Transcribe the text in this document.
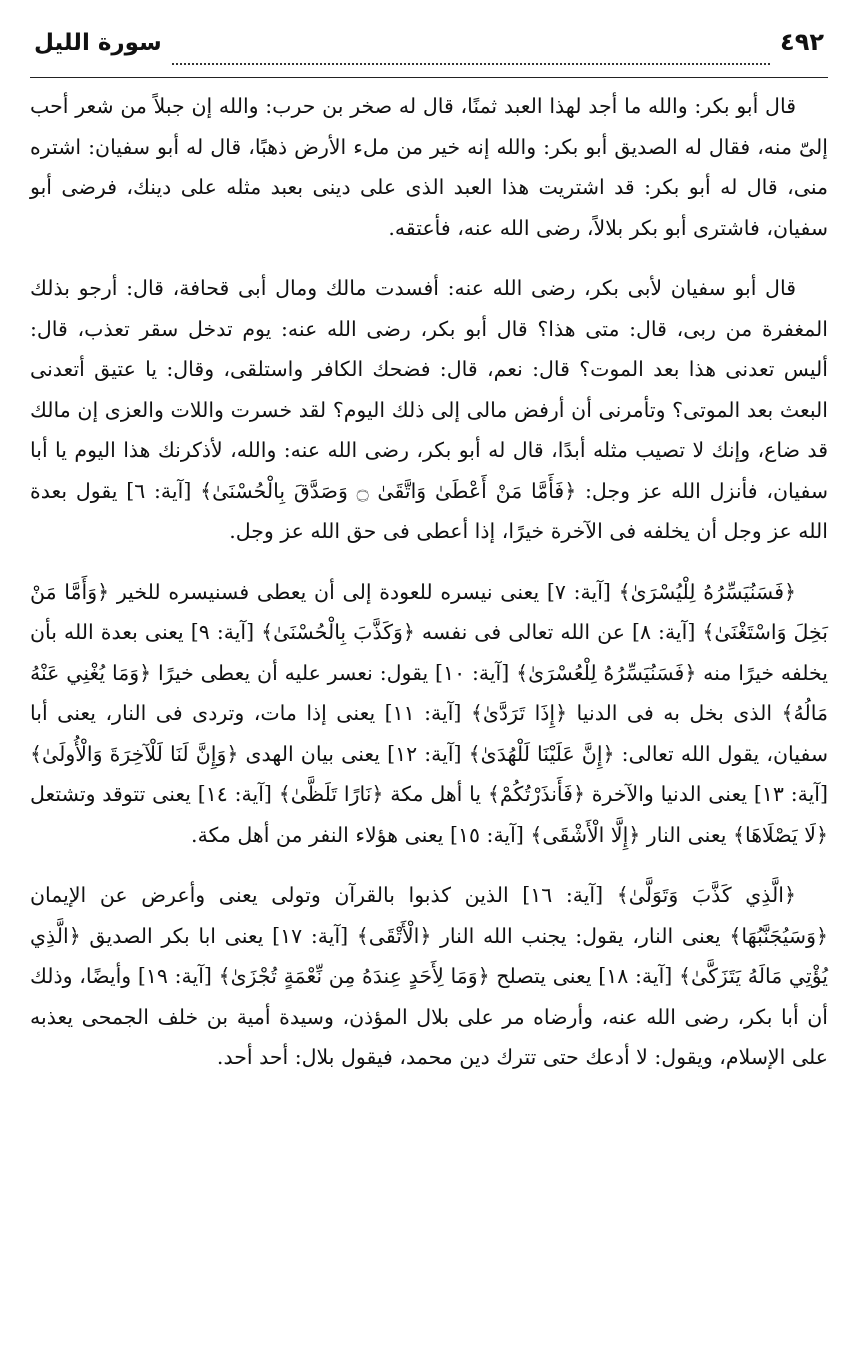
٤٩٢
سورة الليل

قال أبو بكر: والله ما أجد لهذا العبد ثمنًا، قال له صخر بن حرب: والله إن جبلاً من شعر أحب إلىّ منه، فقال له الصديق أبو بكر: والله إنه خير من ملء الأرض ذهبًا، قال له أبو سفيان: اشتره منى، قال له أبو بكر: قد اشتريت هذا العبد الذى على دينى بعبد مثله على دينك، فرضى أبو سفيان، فاشترى أبو بكر بلالاً، رضى الله عنه، فأعتقه.

قال أبو سفيان لأبى بكر، رضى الله عنه: أفسدت مالك ومال أبى قحافة، قال: أرجو بذلك المغفرة من ربى، قال: متى هذا؟ قال أبو بكر، رضى الله عنه: يوم تدخل سقر تعذب، قال: أليس تعدنى هذا بعد الموت؟ قال: نعم، قال: فضحك الكافر واستلقى، وقال: يا عتيق أتعدنى البعث بعد الموتى؟ وتأمرنى أن أرفض مالى إلى ذلك اليوم؟ لقد خسرت واللات والعزى إن مالك قد ضاع، وإنك لا تصيب مثله أبدًا، قال له أبو بكر، رضى الله عنه: والله، لأذكرنك هذا اليوم يا أبا سفيان، فأنزل الله عز وجل: ﴿فَأَمَّا مَنْ أَعْطَىٰ وَاتَّقَىٰ ۝ وَصَدَّقَ بِالْحُسْنَىٰ﴾ [آية: ٦] يقول بعدة الله عز وجل أن يخلفه فى الآخرة خيرًا، إذا أعطى فى حق الله عز وجل.

﴿فَسَنُيَسِّرُهُ لِلْيُسْرَىٰ﴾ [آية: ٧] يعنى نيسره للعودة إلى أن يعطى فسنيسره للخير ﴿وَأَمَّا مَنْ بَخِلَ وَاسْتَغْنَىٰ﴾ [آية: ٨] عن الله تعالى فى نفسه ﴿وَكَذَّبَ بِالْحُسْنَىٰ﴾ [آية: ٩] يعنى بعدة الله بأن يخلفه خيرًا منه ﴿فَسَنُيَسِّرُهُ لِلْعُسْرَىٰ﴾ [آية: ١٠] يقول: نعسر عليه أن يعطى خيرًا ﴿وَمَا يُغْنِي عَنْهُ مَالُهُ﴾ الذى بخل به فى الدنيا ﴿إِذَا تَرَدَّىٰ﴾ [آية: ١١] يعنى إذا مات، وتردى فى النار، يعنى أبا سفيان، يقول الله تعالى: ﴿إِنَّ عَلَيْنَا لَلْهُدَىٰ﴾ [آية: ١٢] يعنى بيان الهدى ﴿وَإِنَّ لَنَا لَلْآخِرَةَ وَالْأُولَىٰ﴾ [آية: ١٣] يعنى الدنيا والآخرة ﴿فَأَنذَرْتُكُمْ﴾ يا أهل مكة ﴿نَارًا تَلَظَّىٰ﴾ [آية: ١٤] يعنى تتوقد وتشتعل ﴿لَا يَصْلَاهَا﴾ يعنى النار ﴿إِلَّا الْأَشْقَى﴾ [آية: ١٥] يعنى هؤلاء النفر من أهل مكة.

﴿الَّذِي كَذَّبَ وَتَوَلَّىٰ﴾ [آية: ١٦] الذين كذبوا بالقرآن وتولى يعنى وأعرض عن الإيمان ﴿وَسَيُجَنَّبُهَا﴾ يعنى النار، يقول: يجنب الله النار ﴿الْأَتْقَى﴾ [آية: ١٧] يعنى ابا بكر الصديق ﴿الَّذِي يُؤْتِي مَالَهُ يَتَزَكَّىٰ﴾ [آية: ١٨] يعنى يتصلح ﴿وَمَا لِأَحَدٍ عِندَهُ مِن نِّعْمَةٍ تُجْزَىٰ﴾ [آية: ١٩] وأيضًا، وذلك أن أبا بكر، رضى الله عنه، وأرضاه مر على بلال المؤذن، وسيدة أمية بن خلف الجمحى يعذبه على الإسلام، ويقول: لا أدعك حتى تترك دين محمد، فيقول بلال: أحد أحد.
